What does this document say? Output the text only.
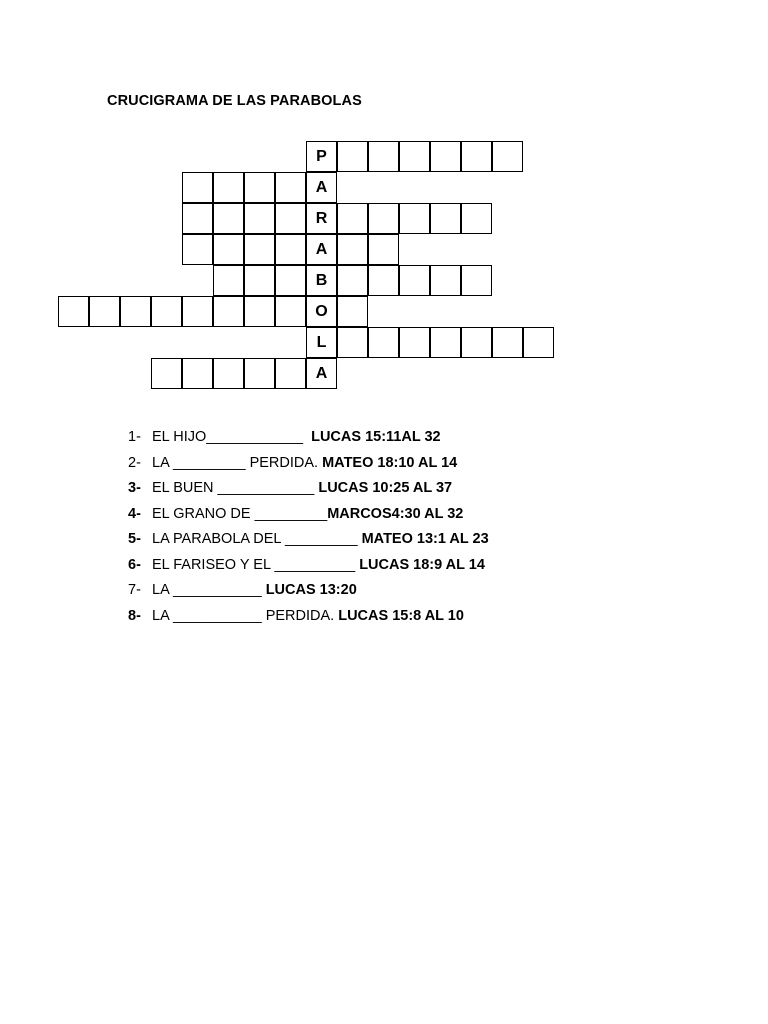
CRUCIGRAMA DE LAS PARABOLAS
P
A
R
A
B
O
L
A
1- EL HIJO____________  LUCAS 15:11AL 32
2- LA _________ PERDIDA. MATEO 18:10 AL 14
3- EL BUEN ____________ LUCAS 10:25 AL 37
4- EL GRANO DE _________MARCOS4:30 AL 32
5- LA PARABOLA DEL _________ MATEO 13:1 AL 23
6- EL FARISEO Y EL __________ LUCAS 18:9 AL 14
7- LA ___________ LUCAS 13:20
8- LA ___________ PERDIDA. LUCAS 15:8 AL 10
